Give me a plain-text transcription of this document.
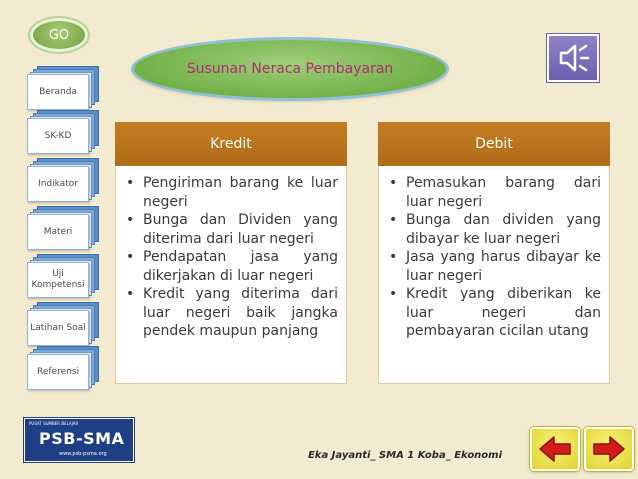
GO
Beranda
SK-KD
Indikator
Materi
Uji Kompetensi
Latihan Soal
Referensi
Susunan Neraca Pembayaran
Kredit
• Pengiriman barang ke luar negeri
• Bunga dan Dividen yang diterima dari luar negeri
• Pendapatan jasa yang dikerjakan di luar negeri
• Kredit yang diterima dari luar negeri baik jangka pendek maupun panjang
Debit
• Pemasukan barang dari luar negeri
• Bunga dan dividen yang dibayar ke luar negeri
• Jasa yang harus dibayar ke luar negeri
• Kredit yang diberikan ke luar negeri dan pembayaran cicilan utang
PUSAT SUMBER BELAJAR
PSB-SMA
www.psb-psma.org	Eka Jayanti_ SMA 1 Koba_ Ekonomi
